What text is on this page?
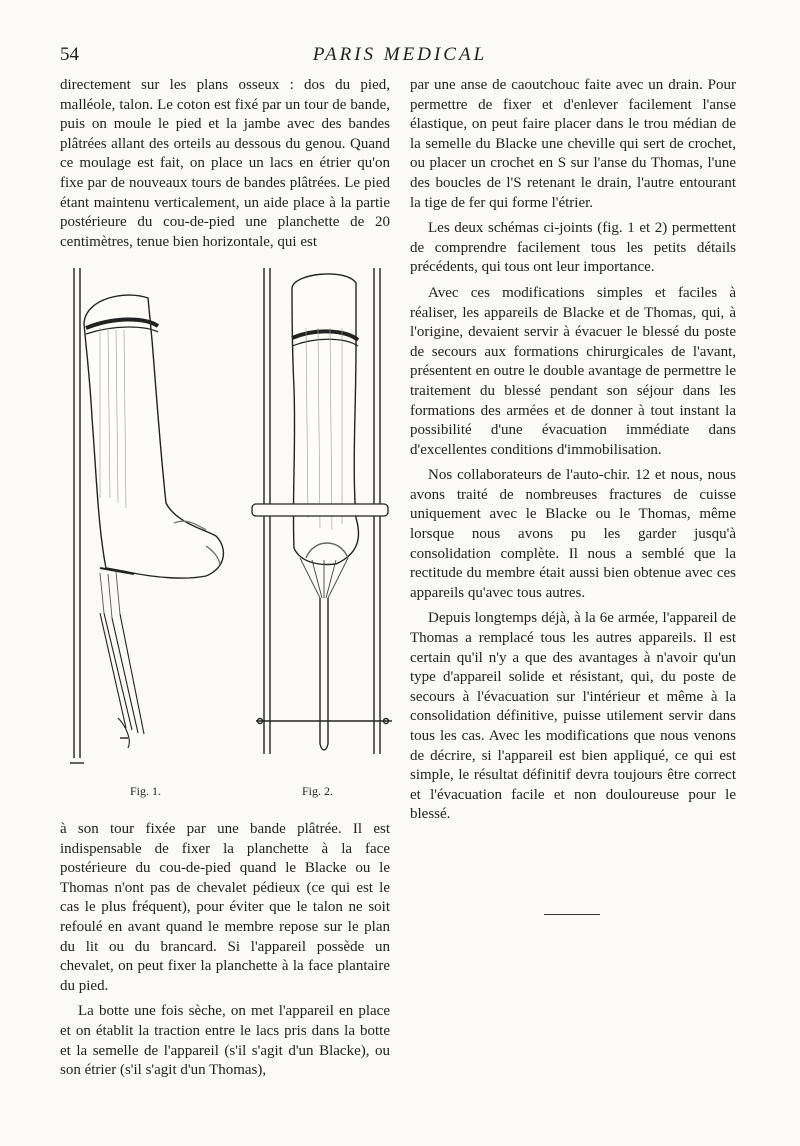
54	PARIS MEDICAL

directement sur les plans osseux : dos du pied, malléole, talon. Le coton est fixé par un tour de bande, puis on moule le pied et la jambe avec des bandes plâtrées allant des orteils au dessous du genou. Quand ce moulage est fait, on place un lacs en étrier qu'on fixe par de nouveaux tours de bandes plâtrées. Le pied étant maintenu verticalement, un aide place à la partie postérieure du cou-de-pied une planchette de 20 centimètres, tenue bien horizontale, qui est

Fig. 1.	Fig. 2.

à son tour fixée par une bande plâtrée. Il est indispensable de fixer la planchette à la face postérieure du cou-de-pied quand le Blacke ou le Thomas n'ont pas de chevalet pédieux (ce qui est le cas le plus fréquent), pour éviter que le talon ne soit refoulé en avant quand le membre repose sur le plan du lit ou du brancard. Si l'appareil possède un chevalet, on peut fixer la planchette à la face plantaire du pied.

La botte une fois sèche, on met l'appareil en place et on établit la traction entre le lacs pris dans la botte et la semelle de l'appareil (s'il s'agit d'un Blacke), ou son étrier (s'il s'agit d'un Thomas),

par une anse de caoutchouc faite avec un drain. Pour permettre de fixer et d'enlever facilement l'anse élastique, on peut faire placer dans le trou médian de la semelle du Blacke une cheville qui sert de crochet, ou placer un crochet en S sur l'anse du Thomas, l'une des boucles de l'S retenant le drain, l'autre entourant la tige de fer qui forme l'étrier.

Les deux schémas ci-joints (fig. 1 et 2) permettent de comprendre facilement tous les petits détails précédents, qui tous ont leur importance.

Avec ces modifications simples et faciles à réaliser, les appareils de Blacke et de Thomas, qui, à l'origine, devaient servir à évacuer le blessé du poste de secours aux formations chirurgicales de l'avant, présentent en outre le double avantage de permettre le traitement du blessé pendant son séjour dans les formations des armées et de donner à tout instant la possibilité d'une évacuation immédiate dans d'excellentes conditions d'immobilisation.

Nos collaborateurs de l'auto-chir. 12 et nous, nous avons traité de nombreuses fractures de cuisse uniquement avec le Blacke ou le Thomas, même lorsque nous avons pu les garder jusqu'à consolidation complète. Il nous a semblé que la rectitude du membre était aussi bien obtenue avec ces appareils qu'avec tous autres.

Depuis longtemps déjà, à la 6e armée, l'appareil de Thomas a remplacé tous les autres appareils. Il est certain qu'il n'y a que des avantages à n'avoir qu'un type d'appareil solide et résistant, qui, du poste de secours à l'évacuation sur l'intérieur et même à la consolidation définitive, puisse utilement servir dans tous les cas. Avec les modifications que nous venons de décrire, si l'appareil est bien appliqué, ce qui est simple, le résultat définitif devra toujours être correct et l'évacuation facile et non douloureuse pour le blessé.
